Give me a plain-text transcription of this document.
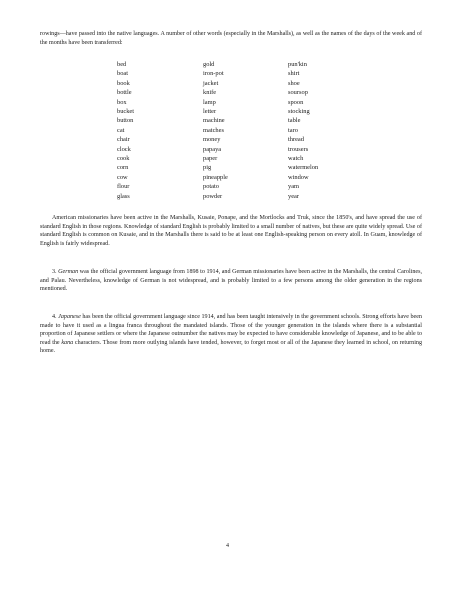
rowings—have passed into the native languages. A number of other words (especially in the Marshalls), as well as the names of the days of the week and of the months have been transferred:

bed
boat
book
bottle
box
bucket
button
cat
chair
clock
cook
corn
cow
flour
glass
gold
iron-pot
jacket
knife
lamp
letter
machine
matches
money
papaya
paper
pig
pineapple
potato
powder
pun'kin
shirt
shoe
soursop
spoon
stocking
table
taro
thread
trousers
watch
watermelon
window
yam
year

American missionaries have been active in the Marshalls, Kusaie, Ponape, and the Mortlocks and Truk, since the 1850's, and have spread the use of standard English in those regions. Knowledge of standard English is probably limited to a small number of natives, but these are quite widely spread. Use of standard English is common on Kusaie, and in the Marshalls there is said to be at least one English-speaking person on every atoll. In Guam, knowledge of English is fairly widespread.

3. German was the official government language from 1898 to 1914, and German missionaries have been active in the Marshalls, the central Carolines, and Palau. Nevertheless, knowledge of German is not widespread, and is probably limited to a few persons among the older generation in the regions mentioned.

4. Japanese has been the official government language since 1914, and has been taught intensively in the government schools. Strong efforts have been made to have it used as a lingua franca throughout the mandated islands. Those of the younger generation in the islands where there is a substantial proportion of Japanese settlers or where the Japanese outnumber the natives may be expected to have considerable knowledge of Japanese, and to be able to read the kana characters. Those from more outlying islands have tended, however, to forget most or all of the Japanese they learned in school, on returning home.

4
